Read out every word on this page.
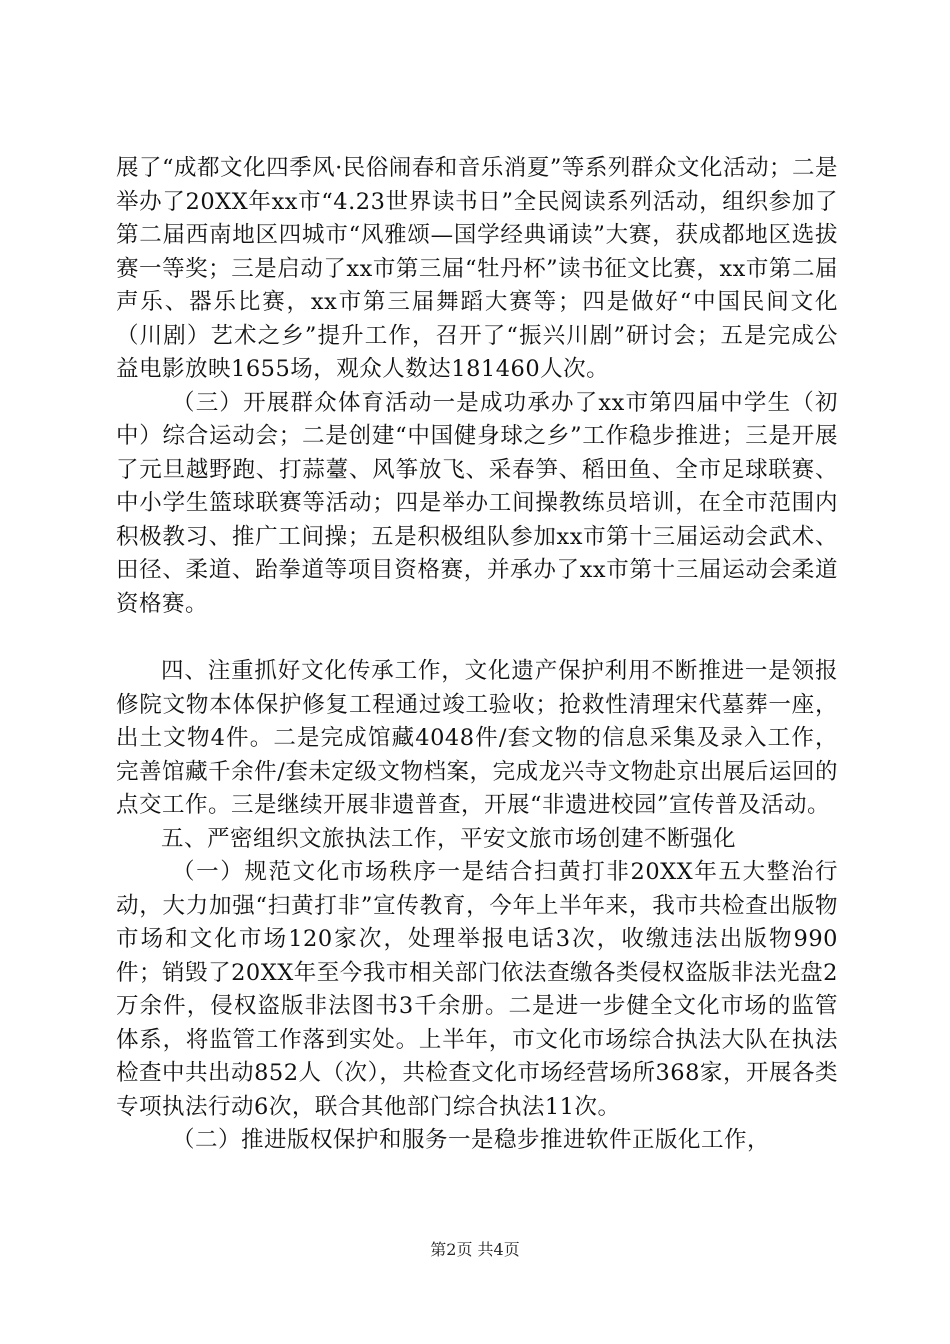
展了“成都文化四季风·民俗闹春和音乐消夏”等系列群众文化活动；二是举办了20XX年xx市“4.23世界读书日”全民阅读系列活动，组织参加了第二届西南地区四城市“风雅颂—国学经典诵读”大赛，获成都地区选拔赛一等奖；三是启动了xx市第三届“牡丹杯”读书征文比赛，xx市第二届声乐、器乐比赛，xx市第三届舞蹈大赛等；四是做好“中国民间文化（川剧）艺术之乡”提升工作，召开了“振兴川剧”研讨会；五是完成公益电影放映1655场，观众人数达181460人次。

（三）开展群众体育活动一是成功承办了xx市第四届中学生（初中）综合运动会；二是创建“中国健身球之乡”工作稳步推进；三是开展了元旦越野跑、打蒜薹、风筝放飞、采春笋、稻田鱼、全市足球联赛、中小学生篮球联赛等活动；四是举办工间操教练员培训，在全市范围内积极教习、推广工间操；五是积极组队参加xx市第十三届运动会武术、田径、柔道、跆拳道等项目资格赛，并承办了xx市第十三届运动会柔道资格赛。

四、注重抓好文化传承工作，文化遗产保护利用不断推进一是领报修院文物本体保护修复工程通过竣工验收；抢救性清理宋代墓葬一座，出土文物4件。二是完成馆藏4048件/套文物的信息采集及录入工作，完善馆藏千余件/套未定级文物档案，完成龙兴寺文物赴京出展后运回的点交工作。三是继续开展非遗普查，开展“非遗进校园”宣传普及活动。

五、严密组织文旅执法工作，平安文旅市场创建不断强化

（一）规范文化市场秩序一是结合扫黄打非20XX年五大整治行动，大力加强“扫黄打非”宣传教育，今年上半年来，我市共检查出版物市场和文化市场120家次，处理举报电话3次，收缴违法出版物990件；销毁了20XX年至今我市相关部门依法查缴各类侵权盗版非法光盘2万余件，侵权盗版非法图书3千余册。二是进一步健全文化市场的监管体系，将监管工作落到实处。上半年，市文化市场综合执法大队在执法检查中共出动852人（次），共检查文化市场经营场所368家，开展各类专项执法行动6次，联合其他部门综合执法11次。

（二）推进版权保护和服务一是稳步推进软件正版化工作，

第2页 共4页
